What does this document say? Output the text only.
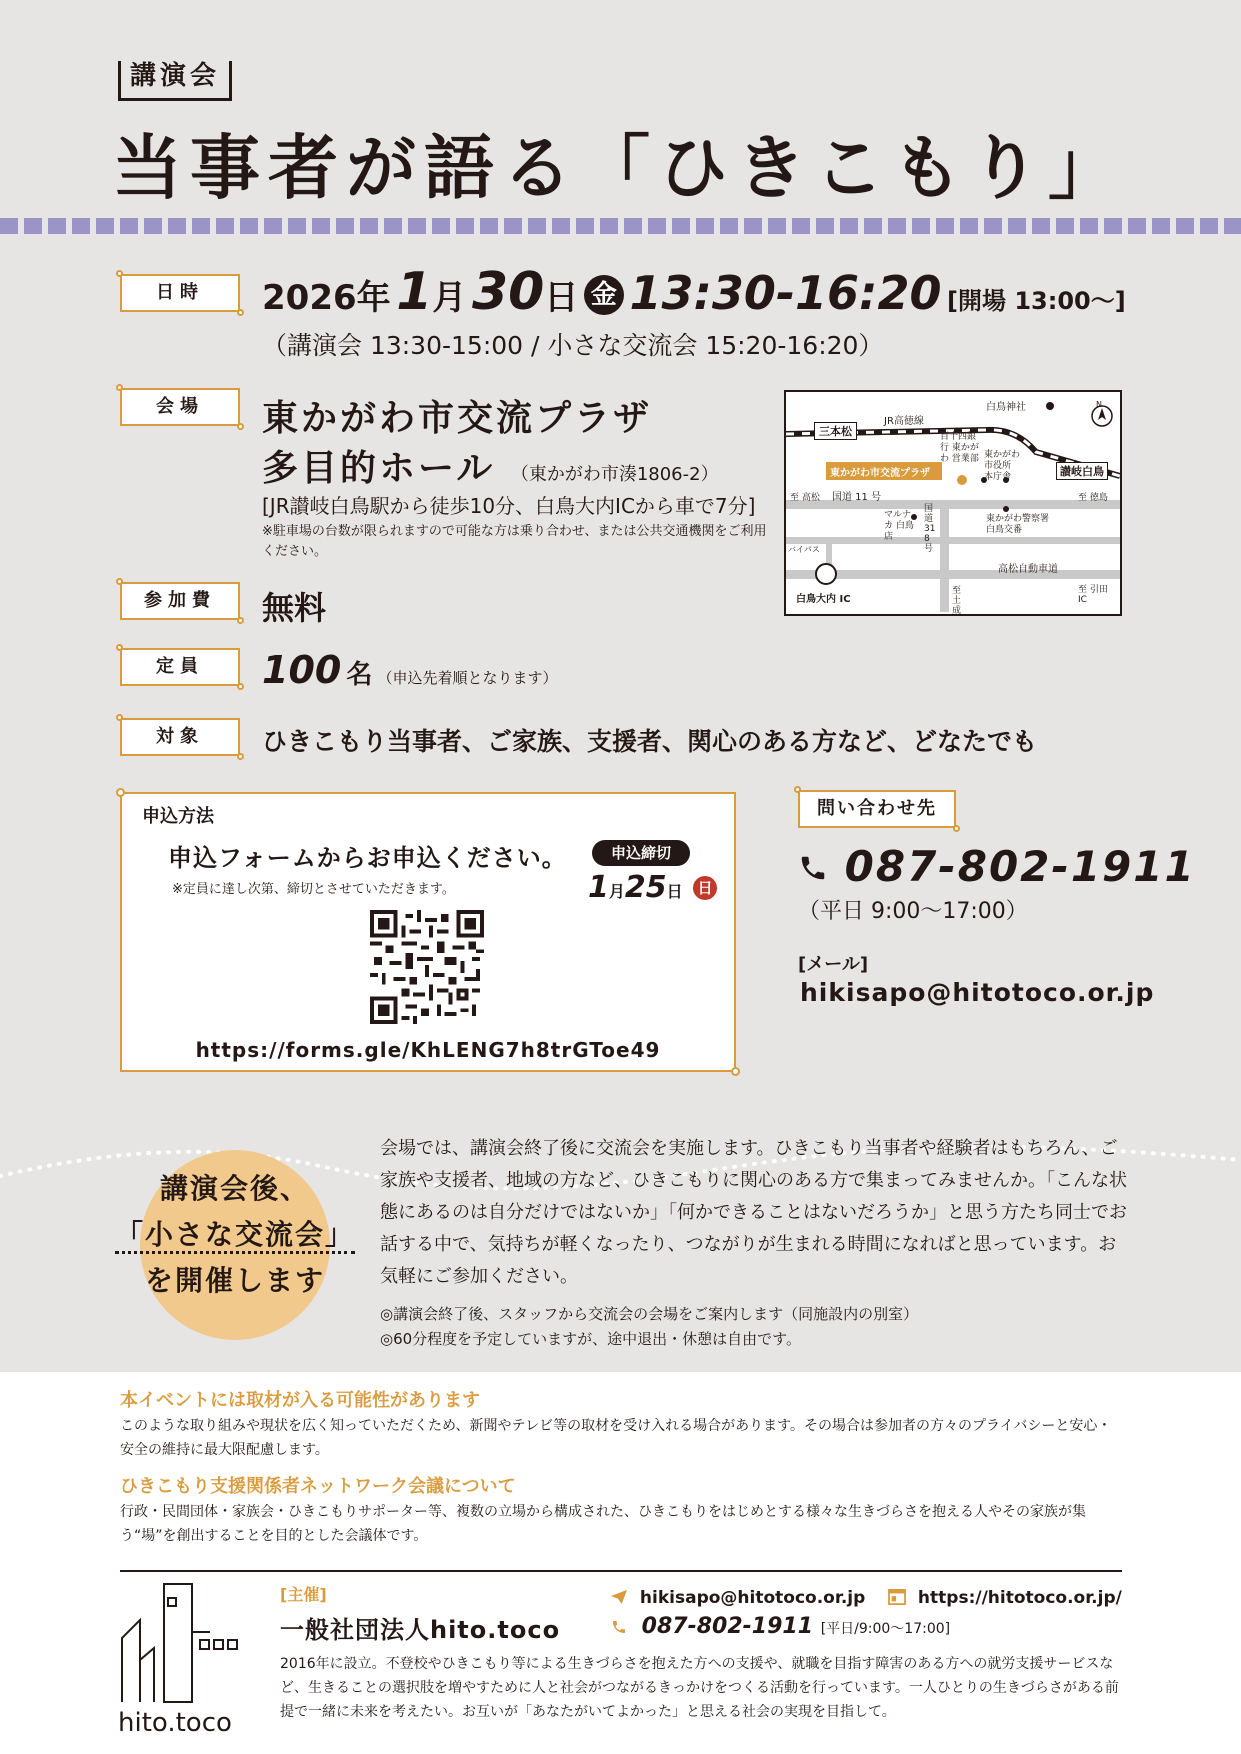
講演会
当事者が語る「ひきこもり」
日時	2026年 1月 30日 金 13:30-16:20 [開場 13:00〜]
（講演会 13:30-15:00 / 小さな交流会 15:20-16:20）
会場	東かがわ市交流プラザ
多目的ホール （東かがわ市湊1806-2）
[JR讃岐白鳥駅から徒歩10分、白鳥大内ICから車で7分]
※駐車場の台数が限られますので可能な方は乗り合わせ、または公共交通機関をご利用ください。
JR高徳線
三本松
白鳥神社
百十四銀行 東かがわ 営業部 東かがわ 市役所 本庁舎
東かがわ市交流プラザ	讃岐白鳥
国道 11 号
至 高松	至 徳島
マルナカ 白鳥店
国道 318 号
東かがわ警察署 白鳥交番
バイパス
高松自動車道
白鳥大内 IC
至 引田 IC
至 土成
N
参加費	無料
定員	100 名 （申込先着順となります）
対象	ひきこもり当事者、ご家族、支援者、関心のある方など、どなたでも
申込方法
申込フォームからお申込ください。
※定員に達し次第、締切とさせていただきます。
申込締切
1月25日 日
https://forms.gle/KhLENG7h8trGToe49
問い合わせ先
087-802-1911
（平日 9:00〜17:00）
[メール]
hikisapo@hitotoco.or.jp
講演会後、
「小さな交流会」
を開催します
会場では、講演会終了後に交流会を実施します。ひきこもり当事者や経験者はもちろん、ご家族や支援者、地域の方など、ひきこもりに関心のある方で集まってみませんか。「こんな状態にあるのは自分だけではないか」「何かできることはないだろうか」と思う方たち同士でお話する中で、気持ちが軽くなったり、つながりが生まれる時間になればと思っています。お気軽にご参加ください。
◎講演会終了後、スタッフから交流会の会場をご案内します（同施設内の別室）
◎60分程度を予定していますが、途中退出・休憩は自由です。
本イベントには取材が入る可能性があります
このような取り組みや現状を広く知っていただくため、新聞やテレビ等の取材を受け入れる場合があります。その場合は参加者の方々のプライバシーと安心・安全の維持に最大限配慮します。
ひきこもり支援関係者ネットワーク会議について
行政・民間団体・家族会・ひきこもりサポーター等、複数の立場から構成された、ひきこもりをはじめとする様々な生きづらさを抱える人やその家族が集う“場”を創出することを目的とした会議体です。
hito.toco
[主催]
一般社団法人hito.toco
hikisapo@hitotoco.or.jp	https://hitotoco.or.jp/
087-802-1911 [平日/9:00〜17:00]
2016年に設立。不登校やひきこもり等による生きづらさを抱えた方への支援や、就職を目指す障害のある方への就労支援サービスなど、生きることの選択肢を増やすために人と社会がつながるきっかけをつくる活動を行っています。一人ひとりの生きづらさがある前提で一緒に未来を考えたい。お互いが「あなたがいてよかった」と思える社会の実現を目指して。
